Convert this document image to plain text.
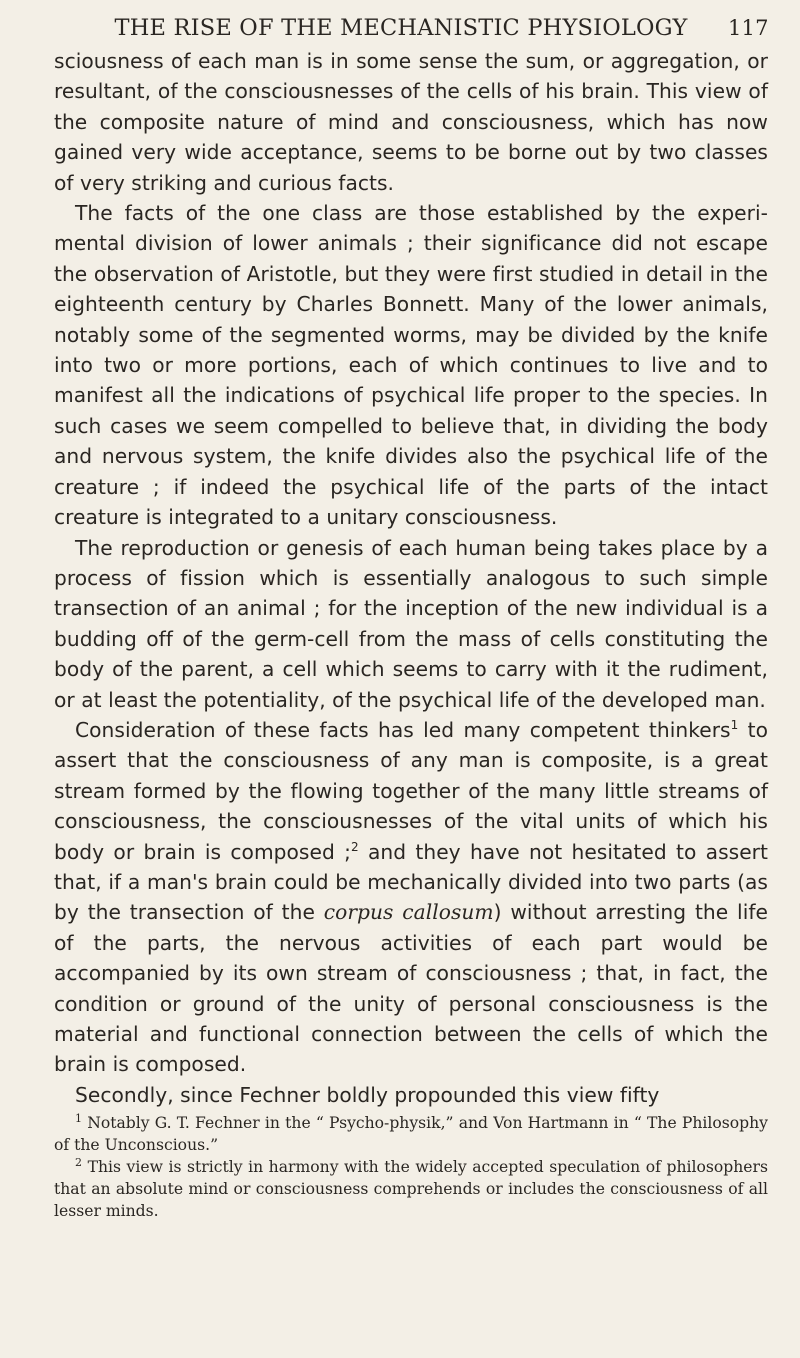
THE RISE OF THE MECHANISTIC PHYSIOLOGY	117

sciousness of each man is in some sense the sum, or aggregation, or resultant, of the consciousnesses of the cells of his brain. This view of the composite nature of mind and consciousness, which has now gained very wide acceptance, seems to be borne out by two classes of very striking and curious facts.

The facts of the one class are those established by the experi-mental division of lower animals ; their significance did not escape the observation of Aristotle, but they were first studied in detail in the eighteenth century by Charles Bonnett. Many of the lower animals, notably some of the segmented worms, may be divided by the knife into two or more portions, each of which continues to live and to manifest all the indications of psychical life proper to the species. In such cases we seem compelled to believe that, in dividing the body and nervous system, the knife divides also the psychical life of the creature ; if indeed the psychical life of the parts of the intact creature is integrated to a unitary consciousness.

The reproduction or genesis of each human being takes place by a process of fission which is essentially analogous to such simple transection of an animal ; for the inception of the new individual is a budding off of the germ-cell from the mass of cells constituting the body of the parent, a cell which seems to carry with it the rudiment, or at least the potentiality, of the psychical life of the developed man.

Consideration of these facts has led many competent thinkers$^1$ to assert that the consciousness of any man is composite, is a great stream formed by the flowing together of the many little streams of consciousness, the consciousnesses of the vital units of which his body or brain is composed ;$^2$ and they have not hesitated to assert that, if a man's brain could be mechanically divided into two parts (as by the transection of the corpus callosum) without arresting the life of the parts, the nervous activities of each part would be accompanied by its own stream of consciousness ; that, in fact, the condition or ground of the unity of personal consciousness is the material and functional connection between the cells of which the brain is composed.

Secondly, since Fechner boldly propounded this view fifty

$^1$ Notably G. T. Fechner in the “ Psycho-physik,” and Von Hartmann in “ The Philosophy of the Unconscious.”

$^2$ This view is strictly in harmony with the widely accepted speculation of philosophers that an absolute mind or consciousness comprehends or includes the consciousness of all lesser minds.
